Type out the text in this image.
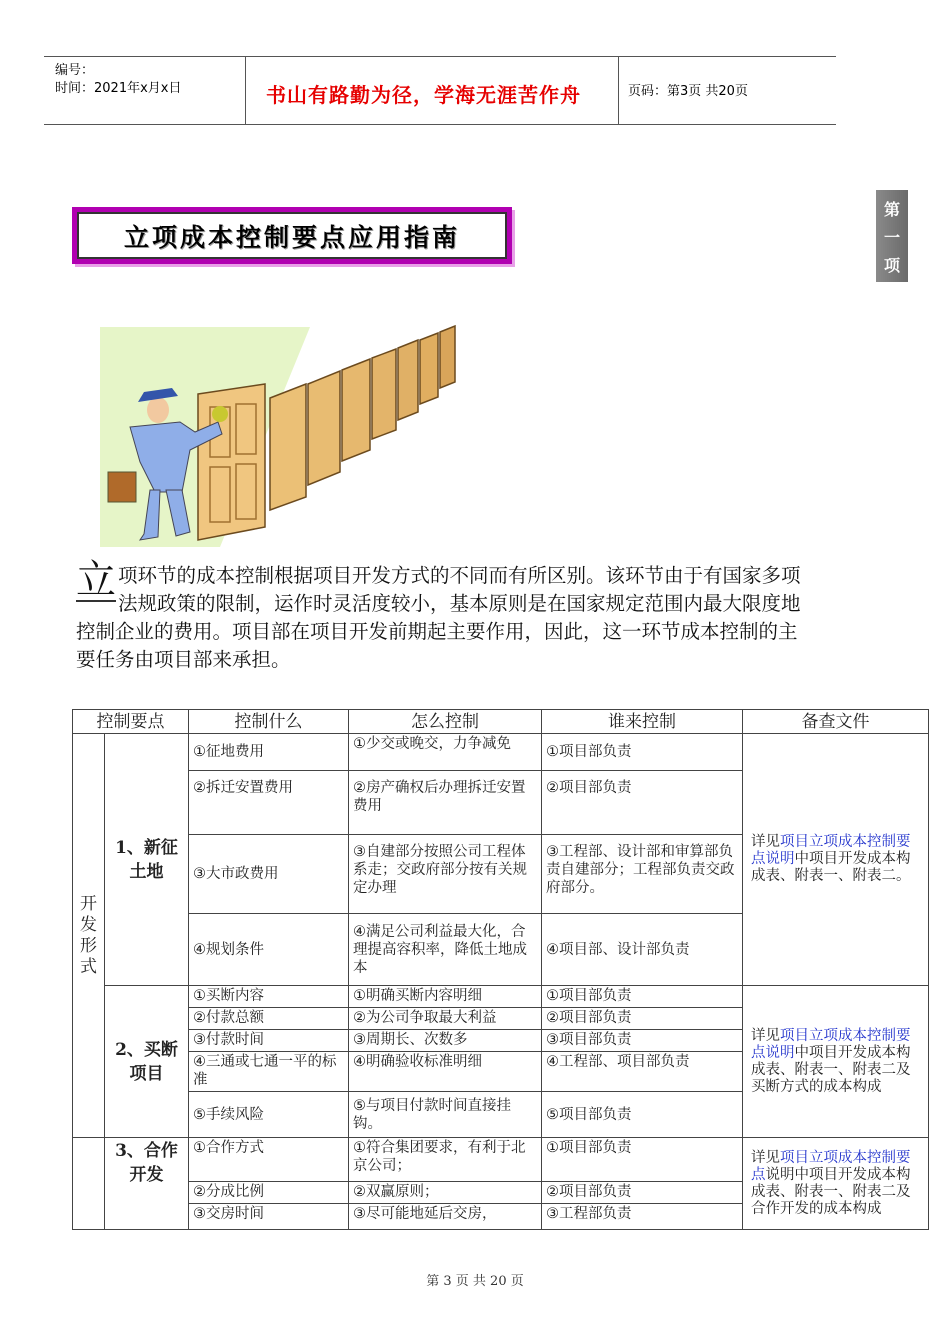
编号：
时间：2021年x月x日	书山有路勤为径，学海无涯苦作舟	页码：第3页 共20页
第
一
项
立项成本控制要点应用指南
立 项环节的成本控制根据项目开发方式的不同而有所区别。该环节由于有国家多项法规政策的限制，运作时灵活度较小，基本原则是在国家规定范围内最大限度地控制企业的费用。项目部在项目开发前期起主要作用，因此，这一环节成本控制的主要任务由项目部来承担。
控制要点		控制什么	怎么控制	谁来控制	备查文件

开发形式	1、新征土地	①征地费用	①少交或晚交，力争减免	①项目部负责	详见项目立项成本控制要点说明中项目开发成本构成表、附表一、附表二。
		②拆迁安置费用	②房产确权后办理拆迁安置费用	②项目部负责	
		③大市政费用	③自建部分按照公司工程体系走；交政府部分按有关规定办理	③工程部、设计部和审算部负责自建部分；工程部负责交政府部分。	
		④规划条件	④满足公司利益最大化，合理提高容积率，降低土地成本	④项目部、设计部负责	
	2、买断项目	①买断内容	①明确买断内容明细	①项目部负责	详见项目立项成本控制要点说明中项目开发成本构成表、附表一、附表二及买断方式的成本构成
		②付款总额	②为公司争取最大利益	②项目部负责	
		③付款时间	③周期长、次数多	③项目部负责	
		④三通或七通一平的标准	④明确验收标准明细	④工程部、项目部负责	
		⑤手续风险	⑤与项目付款时间直接挂钩。	⑤项目部负责	
	3、合作开发	①合作方式	①符合集团要求，有利于北京公司；	①项目部负责	详见项目立项成本控制要点说明中项目开发成本构成表、附表一、附表二及合作开发的成本构成
		②分成比例	②双赢原则；	②项目部负责	
		③交房时间	③尽可能地延后交房，	③工程部负责	
第 3 页 共 20 页
